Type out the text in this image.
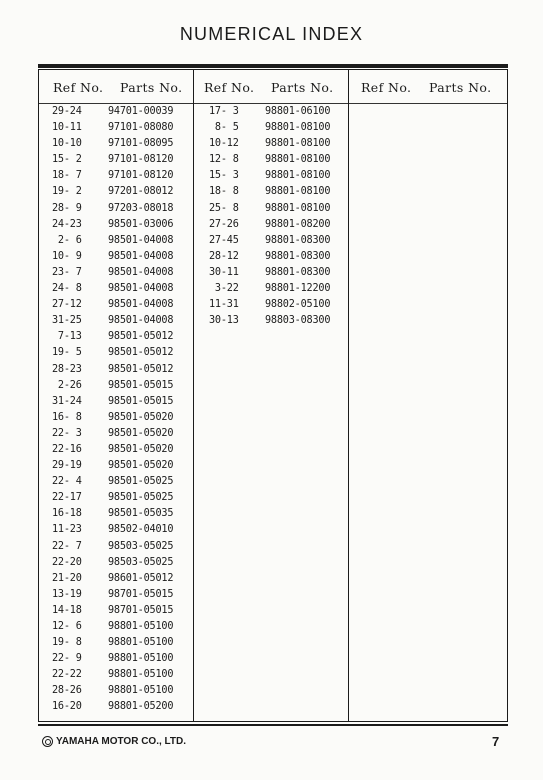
NUMERICAL INDEX
Ref No. Parts No. Ref No. Parts No. Ref No. Parts No.
29-24	94701-00039
10-11	97101-08080
10-10	97101-08095
15- 2	97101-08120
18- 7	97101-08120
19- 2	97201-08012
28- 9	97203-08018
24-23	98501-03006
2- 6	98501-04008
10- 9	98501-04008
23- 7	98501-04008
24- 8	98501-04008
27-12	98501-04008
31-25	98501-04008
7-13	98501-05012
19- 5	98501-05012
28-23	98501-05012
2-26	98501-05015
31-24	98501-05015
16- 8	98501-05020
22- 3	98501-05020
22-16	98501-05020
29-19	98501-05020
22- 4	98501-05025
22-17	98501-05025
16-18	98501-05035
11-23	98502-04010
22- 7	98503-05025
22-20	98503-05025
21-20	98601-05012
13-19	98701-05015
14-18	98701-05015
12- 6	98801-05100
19- 8	98801-05100
22- 9	98801-05100
22-22	98801-05100
28-26	98801-05100
16-20	98801-05200
17- 3	98801-06100
8- 5	98801-08100
10-12	98801-08100
12- 8	98801-08100
15- 3	98801-08100
18- 8	98801-08100
25- 8	98801-08100
27-26	98801-08200
27-45	98801-08300
28-12	98801-08300
30-11	98801-08300
3-22	98801-12200
11-31	98802-05100
30-13	98803-08300
YAMAHA MOTOR CO., LTD.	7
